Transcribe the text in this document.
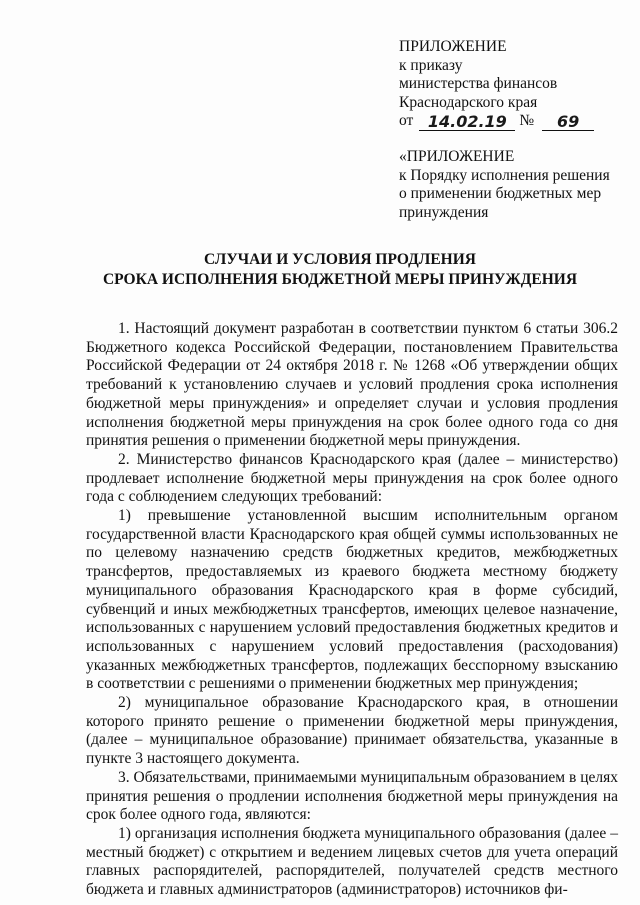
ПРИЛОЖЕНИЕ
к приказу
министерства финансов
Краснодарского края
от 14.02.19 №	69
«ПРИЛОЖЕНИЕ
к Порядку исполнения решения
о применении бюджетных мер
принуждения
СЛУЧАИ И УСЛОВИЯ ПРОДЛЕНИЯ
СРОКА ИСПОЛНЕНИЯ БЮДЖЕТНОЙ МЕРЫ ПРИНУЖДЕНИЯ

1. Настоящий документ разработан в соответствии пунктом 6 статьи 306.2 Бюджетного кодекса Российской Федерации, постановлением Правительства Российской Федерации от 24 октября 2018 г. № 1268 «Об утверждении общих требований к установлению случаев и условий продления срока исполнения бюджетной меры принуждения» и определяет случаи и условия продления исполнения бюджетной меры принуждения на срок более одного года со дня принятия решения о применении бюджетной меры принуждения.

2. Министерство финансов Краснодарского края (далее – министерство) продлевает исполнение бюджетной меры принуждения на срок более одного года с соблюдением следующих требований:

1) превышение установленной высшим исполнительным органом государственной власти Краснодарского края общей суммы использованных не по целевому назначению средств бюджетных кредитов, межбюджетных трансфертов, предоставляемых из краевого бюджета местному бюджету муниципального образования Краснодарского края в форме субсидий, субвенций и иных межбюджетных трансфертов, имеющих целевое назначение, использованных с нарушением условий предоставления бюджетных кредитов и использованных с нарушением условий предоставления (расходования) указанных межбюджетных трансфертов, подлежащих бесспорному взысканию в соответствии с решениями о применении бюджетных мер принуждения;

2) муниципальное образование Краснодарского края, в отношении которого принято решение о применении бюджетной меры принуждения, (далее – муниципальное образование) принимает обязательства, указанные в пункте 3 настоящего документа.

3. Обязательствами, принимаемыми муниципальным образованием в целях принятия решения о продлении исполнения бюджетной меры принуждения на срок более одного года, являются:

1) организация исполнения бюджета муниципального образования (далее – местный бюджет) с открытием и ведением лицевых счетов для учета операций главных распорядителей, распорядителей, получателей средств местного бюджета и главных администраторов (администраторов) источников фи-
